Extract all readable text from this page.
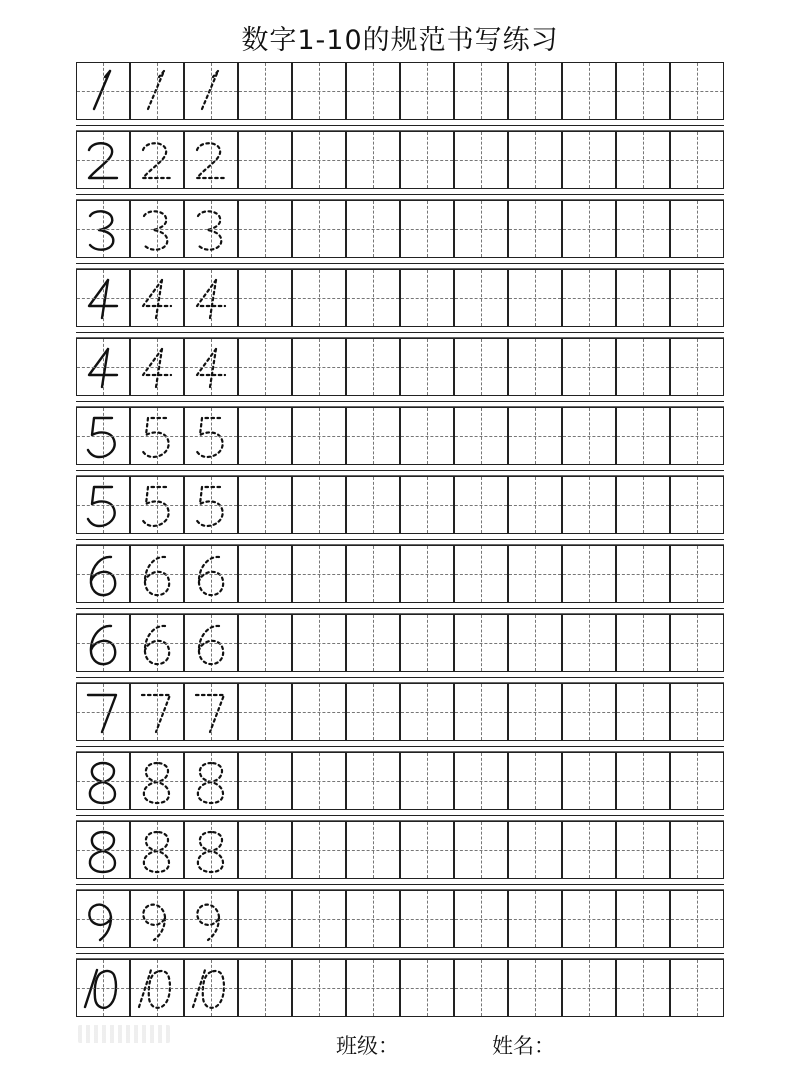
数字1-10的规范书写练习
班级：	姓名：
